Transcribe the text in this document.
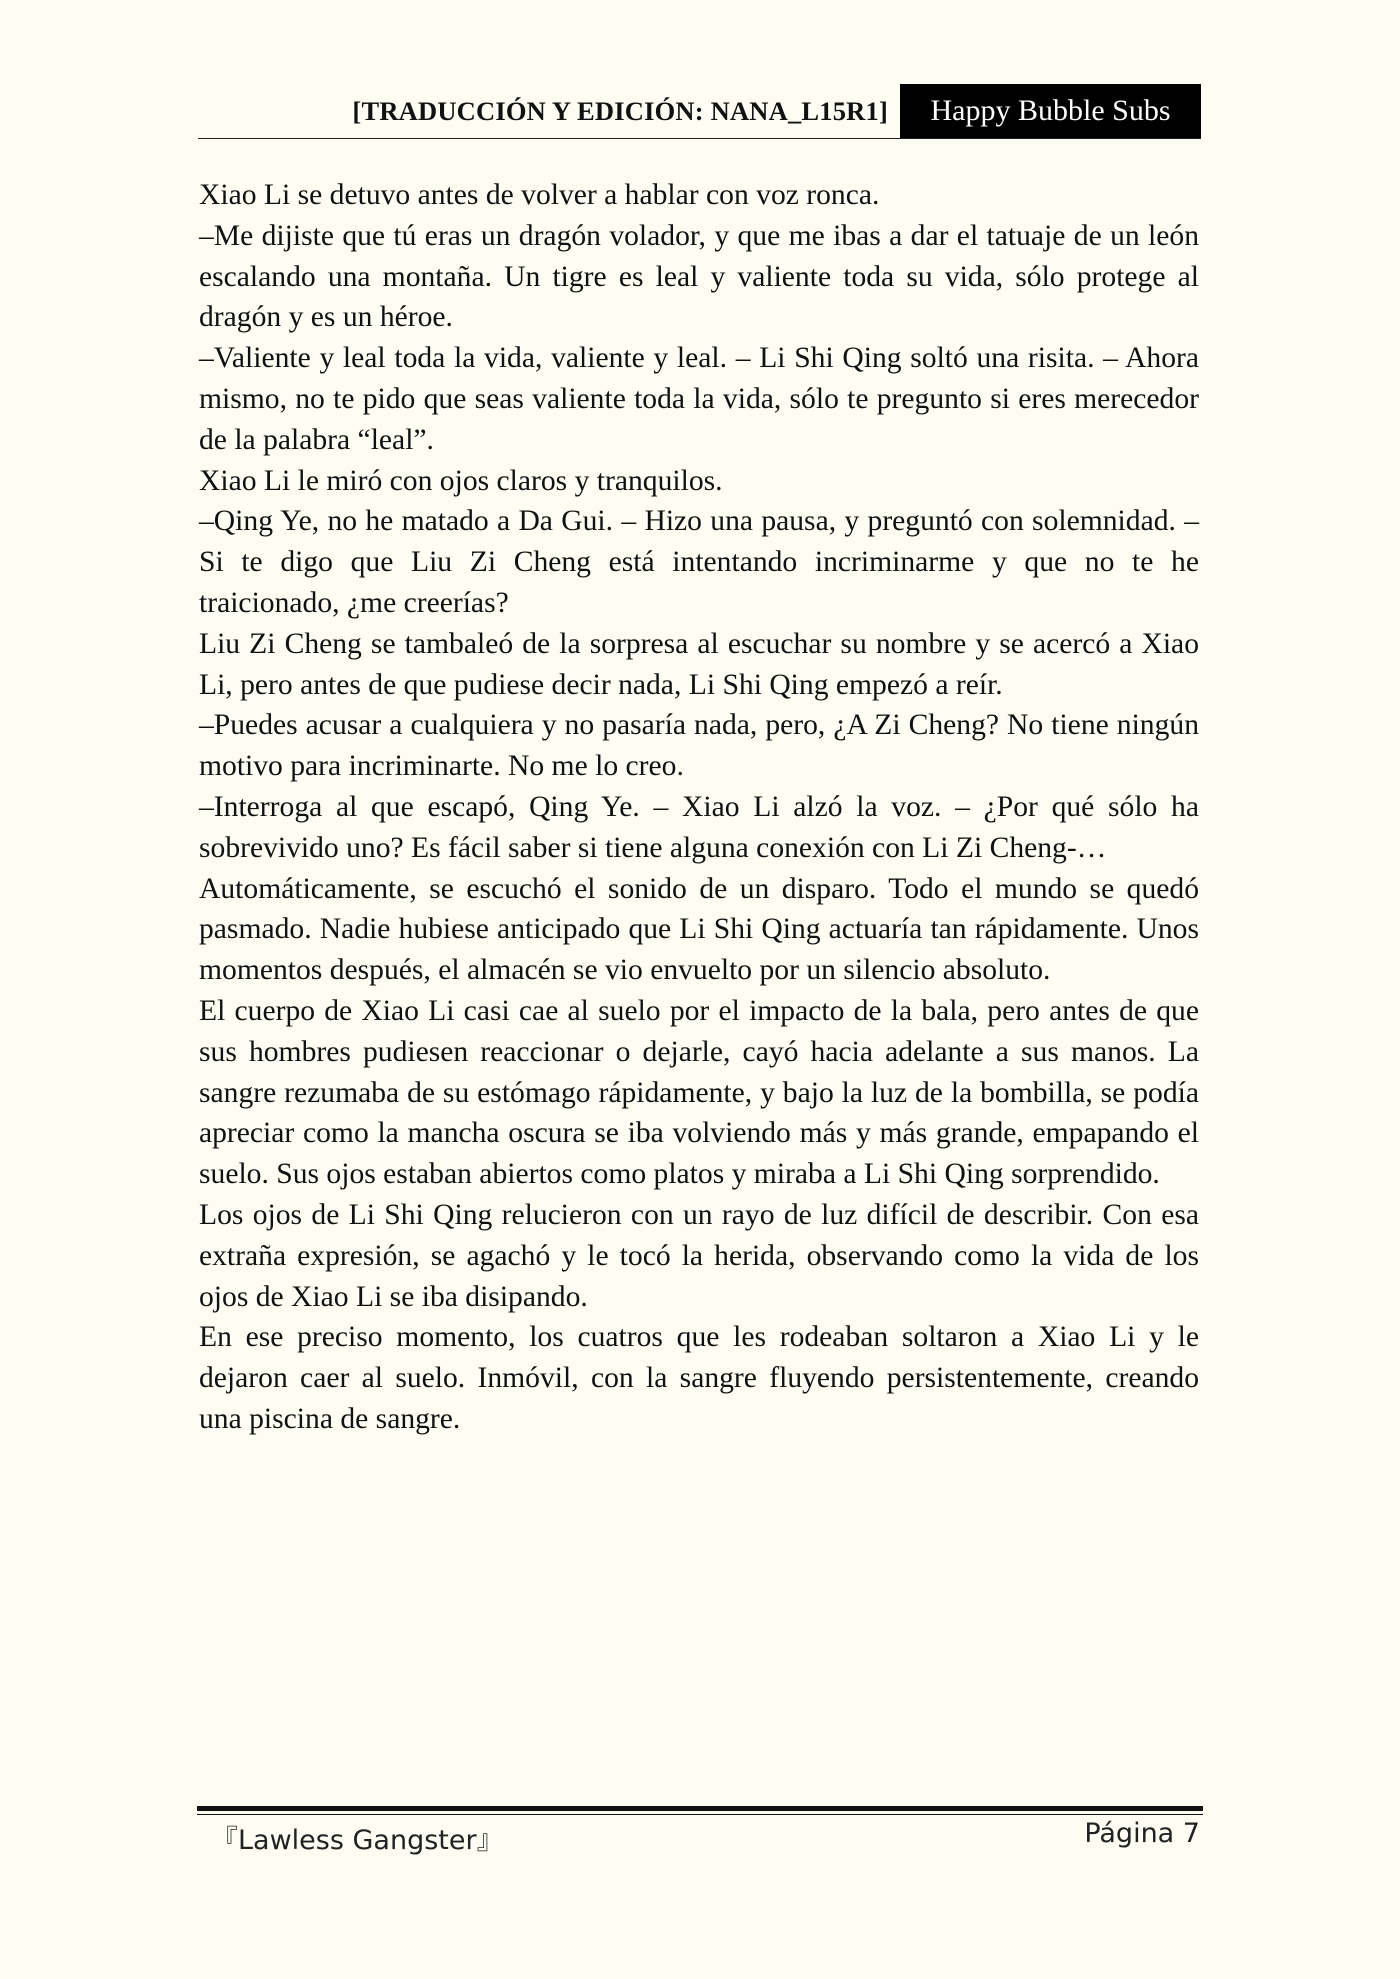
[TRADUCCIÓN Y EDICIÓN: NANA_L15R1]	Happy Bubble Subs

Xiao Li se detuvo antes de volver a hablar con voz ronca.

–Me dijiste que tú eras un dragón volador, y que me ibas a dar el tatuaje de un león escalando una montaña. Un tigre es leal y valiente toda su vida, sólo protege al dragón y es un héroe.

–Valiente y leal toda la vida, valiente y leal. – Li Shi Qing soltó una risita. – Ahora mismo, no te pido que seas valiente toda la vida, sólo te pregunto si eres merecedor de la palabra “leal”.

Xiao Li le miró con ojos claros y tranquilos.

–Qing Ye, no he matado a Da Gui. – Hizo una pausa, y preguntó con solemnidad. – Si te digo que Liu Zi Cheng está intentando incriminarme y que no te he traicionado, ¿me creerías?

Liu Zi Cheng se tambaleó de la sorpresa al escuchar su nombre y se acercó a Xiao Li, pero antes de que pudiese decir nada, Li Shi Qing empezó a reír.

–Puedes acusar a cualquiera y no pasaría nada, pero, ¿A Zi Cheng? No tiene ningún motivo para incriminarte. No me lo creo.

–Interroga al que escapó, Qing Ye. – Xiao Li alzó la voz. – ¿Por qué sólo ha sobrevivido uno? Es fácil saber si tiene alguna conexión con Li Zi Cheng-…

Automáticamente, se escuchó el sonido de un disparo. Todo el mundo se quedó pasmado. Nadie hubiese anticipado que Li Shi Qing actuaría tan rápidamente. Unos momentos después, el almacén se vio envuelto por un silencio absoluto.

El cuerpo de Xiao Li casi cae al suelo por el impacto de la bala, pero antes de que sus hombres pudiesen reaccionar o dejarle, cayó hacia adelante a sus manos. La sangre rezumaba de su estómago rápidamente, y bajo la luz de la bombilla, se podía apreciar como la mancha oscura se iba volviendo más y más grande, empapando el suelo. Sus ojos estaban abiertos como platos y miraba a Li Shi Qing sorprendido.

Los ojos de Li Shi Qing relucieron con un rayo de luz difícil de describir. Con esa extraña expresión, se agachó y le tocó la herida, observando como la vida de los ojos de Xiao Li se iba disipando.

En ese preciso momento, los cuatros que les rodeaban soltaron a Xiao Li y le dejaron caer al suelo. Inmóvil, con la sangre fluyendo persistentemente, creando una piscina de sangre.

『Lawless Gangster』	Página 7
